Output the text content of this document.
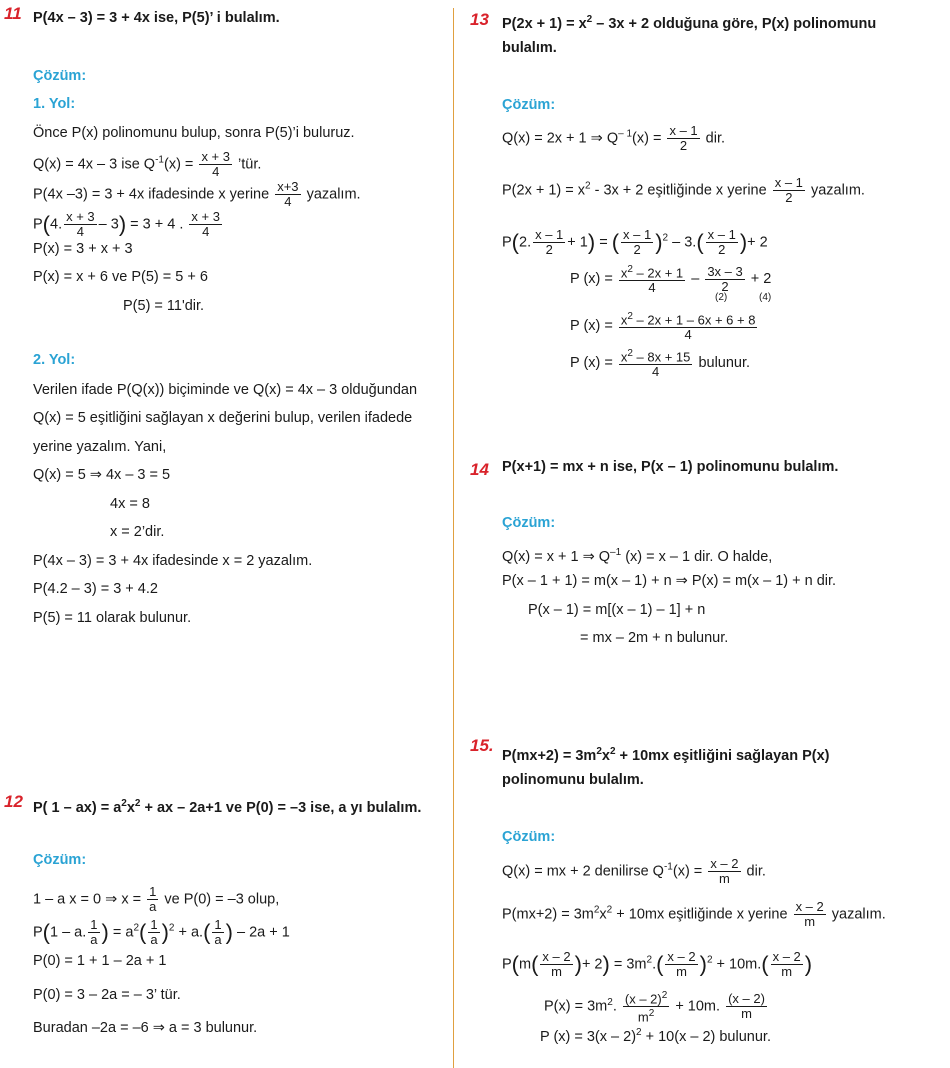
11 P(4x – 3) = 3 + 4x ise, P(5)’ i bulalım.
Çözüm:
1. Yol:
Önce P(x) polinomunu bulup, sonra P(5)’i buluruz.
Q(x) = 4x – 3 ise $Q^{-1}(x) = \frac{x + 3}{4}$ ’tür.
P(4x –3) = 3 + 4x ifadesinde x yerine $\frac{x+3}{4}$ yazalım.
P(4. $\frac{x + 3}{4} - 3) = 3 + 4$ . $\frac{x + 3}{4}$
P(x) = 3 + x + 3
P(x) = x + 6 ve P(5) = 5 + 6
P(5) = 11'dir.
2. Yol:
Verilen ifade P(Q(x)) biçiminde ve Q(x) = 4x – 3 olduğundan
Q(x) = 5 eşitliğini sağlayan x değerini bulup, verilen ifadede
yerine yazalım. Yani,
Q(x) = 5 ⇒ 4x – 3 = 5
4x = 8
x = 2’dir.
P(4x – 3) = 3 + 4x ifadesinde x = 2 yazalım.
P(4.2 – 3) = 3 + 4.2
P(5) = 11 olarak bulunur.
12 P( $1 - ax) = a^2x^2$ + ax – 2a+1 ve P(0) = –3 ise, a yı bulalım.
Çözüm:
1 – a x = 0 ⇒ $x = \frac{1}{a}$ ve P(0) = –3 olup,
P(1 – a. $\frac{1}{a}$ ) = $a^2( \frac{1}{a} )^2 + a.( \frac{1}{a}$ ) – 2a + 1
P(0) = 1 + 1 – 2a + 1
P(0) = 3 – 2a = – 3’ tür.
Buradan –2a = –6 ⇒ a = 3 bulunur.
13 $P(2x + 1) = x^2 - 3x + 2$ olduğuna göre, P(x) polinomunu
bulalım.
Çözüm:
Q(x) = 2x + 1 ⇒ $Q^{- 1}(x) = \frac{x - 1}{2}$ dir.
$P(2x + 1) = x^2 - 3x + 2$ eşitliğinde x yerine $\frac{x - 1}{2}$ yazalım.
P(2. $\frac{x - 1}{2} + 1$) = ( $\frac{x - 1}{2} )^2 - 3.( \frac{x - 1}{2}$ )+ 2
P $(x) = \frac{x^2 - 2x + 1}{4} - \frac{3x - 3}{2} + 2$
(2)	(4)
P $(x) = \frac{x^2 - 2x + 1 - 6x + 6 + 8}{4}$
P $(x) = \frac{x^2 - 8x + 15}{4}$ bulunur.
14 P(x+1) = mx + n ise, P(x – 1) polinomunu bulalım.
Çözüm:
Q(x) = x + 1 ⇒ $Q^{-1}$ (x) = x – 1 dir. O halde,
P(x – 1 + 1) = m(x – 1) + n ⇒ P(x) = m(x – 1) + n dir.
P(x – 1) = m[(x – 1) – 1] + n
= mx – 2m + n bulunur.
15.
$P(mx+2) = 3m^2x^2 + 10mx$ eşitliğini sağlayan P(x)
polinomunu bulalım.
Çözüm:
Q(x) = mx + 2 denilirse $Q^{-1}(x) = \frac{x - 2}{m}$ dir.
$P(mx+2) = 3m^2x^2 + 10mx$ eşitliğinde x yerine $\frac{x - 2}{m}$ yazalım.
$P(m( \frac{x - 2}{m}$ )+ $2) = 3m^2.( \frac{x - 2}{m} )^2 + 10m.( \frac{x - 2}{m}$ )
$P(x) = 3m^2$. $\frac{(x - 2)^2}{m^2} + 10m$. $\frac{(x - 2)}{m}$
P (x) = 3(x – 2)$^2$ + 10(x – 2) bulunur.
